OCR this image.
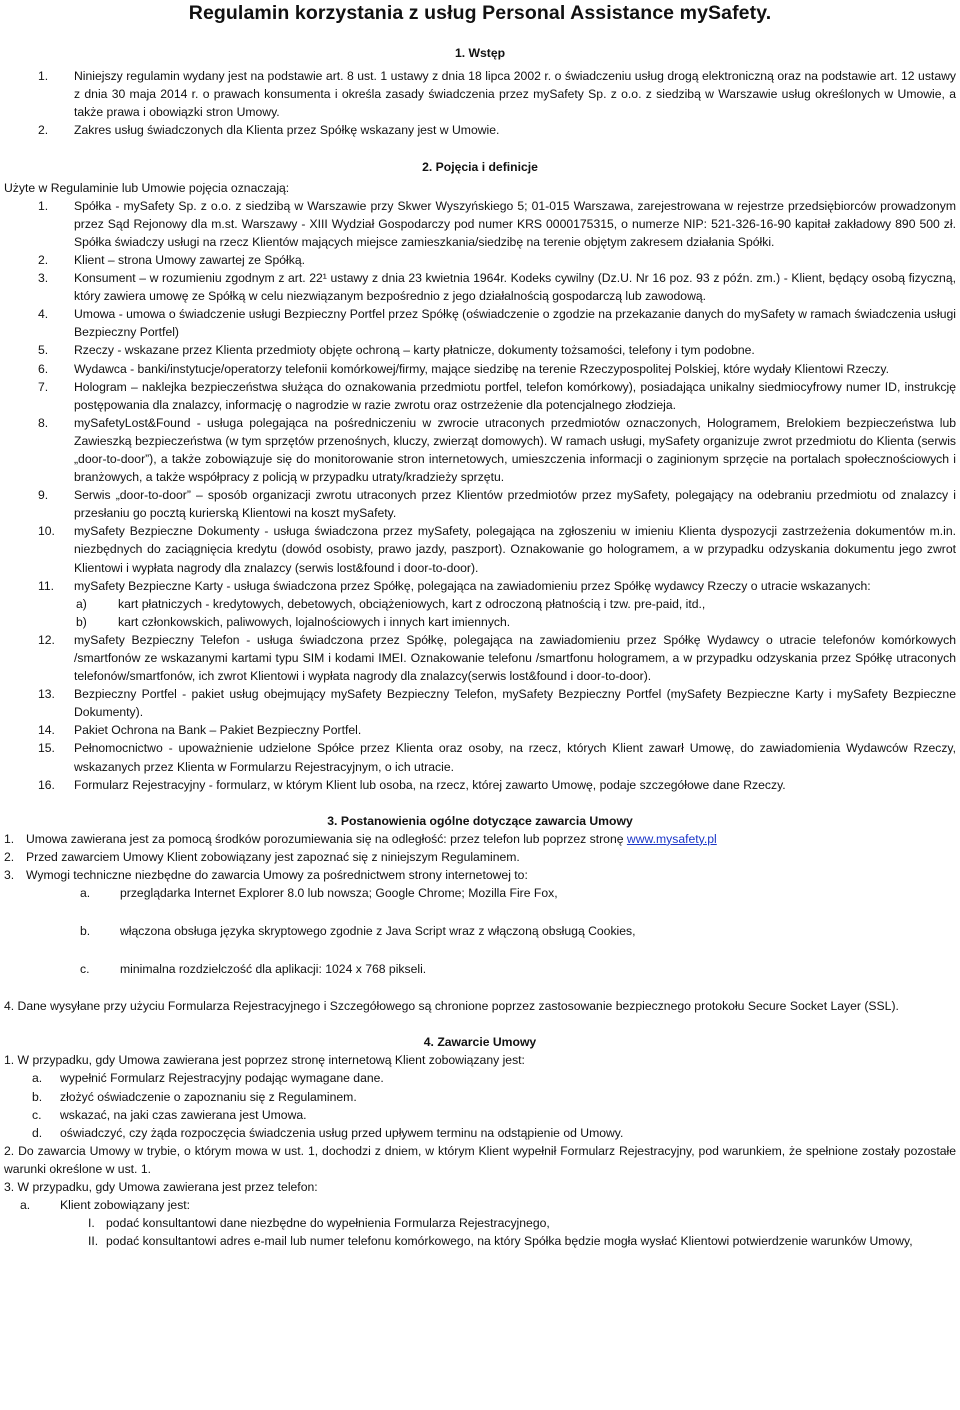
Regulamin korzystania z usług Personal Assistance mySafety.

1. Wstęp

1.	Niniejszy regulamin wydany jest na podstawie art. 8 ust. 1 ustawy z dnia 18 lipca 2002 r. o świadczeniu usług drogą elektroniczną oraz na podstawie art. 12 ustawy z dnia 30 maja 2014 r. o prawach konsumenta i określa zasady świadczenia przez mySafety Sp. z o.o. z siedzibą w Warszawie usług określonych w Umowie, a także prawa i obowiązki stron Umowy.
2.	Zakres usług świadczonych dla Klienta przez Spółkę wskazany jest w Umowie.

2. Pojęcia i definicje

Użyte w Regulaminie lub Umowie pojęcia oznaczają:
1.	Spółka - mySafety Sp. z o.o. z siedzibą w Warszawie przy Skwer Wyszyńskiego 5; 01-015 Warszawa, zarejestrowana w rejestrze przedsiębiorców prowadzonym przez Sąd Rejonowy dla m.st. Warszawy - XIII Wydział Gospodarczy pod numer KRS 0000175315, o numerze NIP: 521-326-16-90 kapitał zakładowy 890 500 zł. Spółka świadczy usługi na rzecz Klientów mających miejsce zamieszkania/siedzibę na terenie objętym zakresem działania Spółki.
2.	Klient – strona Umowy zawartej ze Spółką.
3.	Konsument – w rozumieniu zgodnym z art. 22¹ ustawy z dnia 23 kwietnia 1964r. Kodeks cywilny (Dz.U. Nr 16 poz. 93 z późn. zm.) - Klient, będący osobą fizyczną, który zawiera umowę ze Spółką w celu niezwiązanym bezpośrednio z jego działalnością gospodarczą lub zawodową.
4.	Umowa - umowa o świadczenie usługi Bezpieczny Portfel przez Spółkę (oświadczenie o zgodzie na przekazanie danych do mySafety w ramach świadczenia usługi Bezpieczny Portfel)
5.	Rzeczy - wskazane przez Klienta przedmioty objęte ochroną – karty płatnicze, dokumenty tożsamości, telefony i tym podobne.
6.	Wydawca - banki/instytucje/operatorzy telefonii komórkowej/firmy, mające siedzibę na terenie Rzeczypospolitej Polskiej, które wydały Klientowi Rzeczy.
7.	Hologram – naklejka bezpieczeństwa służąca do oznakowania przedmiotu portfel, telefon komórkowy), posiadająca unikalny siedmiocyfrowy numer ID, instrukcję postępowania dla znalazcy, informację o nagrodzie w razie zwrotu oraz ostrzeżenie dla potencjalnego złodzieja.
8.	mySafetyLost&Found - usługa polegająca na pośredniczeniu w zwrocie utraconych przedmiotów oznaczonych, Hologramem, Brelokiem bezpieczeństwa lub Zawieszką bezpieczeństwa (w tym sprzętów przenośnych, kluczy, zwierząt domowych). W ramach usługi, mySafety organizuje zwrot przedmiotu do Klienta (serwis „door-to-door”), a także zobowiązuje się do monitorowanie stron internetowych, umieszczenia informacji o zaginionym sprzęcie na portalach społecznościowych i branżowych, a także współpracy z policją w przypadku utraty/kradzieży sprzętu.
9.	Serwis „door-to-door” – sposób organizacji zwrotu utraconych przez Klientów przedmiotów przez mySafety, polegający na odebraniu przedmiotu od znalazcy i przesłaniu go pocztą kurierską Klientowi na koszt mySafety.
10.	mySafety Bezpieczne Dokumenty - usługa świadczona przez mySafety, polegająca na zgłoszeniu w imieniu Klienta dyspozycji zastrzeżenia dokumentów m.in. niezbędnych do zaciągnięcia kredytu (dowód osobisty, prawo jazdy, paszport). Oznakowanie go hologramem, a w przypadku odzyskania dokumentu jego zwrot Klientowi i wypłata nagrody dla znalazcy (serwis lost&found i door-to-door).
11.	mySafety Bezpieczne Karty - usługa świadczona przez Spółkę, polegająca na zawiadomieniu przez Spółkę wydawcy Rzeczy o utracie wskazanych:
a)	kart płatniczych - kredytowych, debetowych, obciążeniowych, kart z odroczoną płatnością i tzw. pre-paid, itd.,
b)	kart członkowskich, paliwowych, lojalnościowych i innych kart imiennych.
12.	mySafety Bezpieczny Telefon - usługa świadczona przez Spółkę, polegająca na zawiadomieniu przez Spółkę Wydawcy o utracie telefonów komórkowych /smartfonów ze wskazanymi kartami typu SIM i kodami IMEI. Oznakowanie telefonu /smartfonu hologramem, a w przypadku odzyskania przez Spółkę utraconych telefonów/smartfonów, ich zwrot Klientowi i wypłata nagrody dla znalazcy(serwis lost&found i door-to-door).
13.	Bezpieczny Portfel - pakiet usług obejmujący mySafety Bezpieczny Telefon, mySafety Bezpieczny Portfel (mySafety Bezpieczne Karty i mySafety Bezpieczne Dokumenty).
14.	Pakiet Ochrona na Bank – Pakiet Bezpieczny Portfel.
15.	Pełnomocnictwo - upoważnienie udzielone Spółce przez Klienta oraz osoby, na rzecz, których Klient zawarł Umowę, do zawiadomienia Wydawców Rzeczy, wskazanych przez Klienta w Formularzu Rejestracyjnym, o ich utracie.
16.	Formularz Rejestracyjny - formularz, w którym Klient lub osoba, na rzecz, której zawarto Umowę, podaje szczegółowe dane Rzeczy.

3. Postanowienia ogólne dotyczące zawarcia Umowy

1. Umowa zawierana jest za pomocą środków porozumiewania się na odległość: przez telefon lub poprzez stronę www.mysafety.pl
2. Przed zawarciem Umowy Klient zobowiązany jest zapoznać się z niniejszym Regulaminem.
3. Wymogi techniczne niezbędne do zawarcia Umowy za pośrednictwem strony internetowej to:
a.	przeglądarka Internet Explorer 8.0 lub nowsza; Google Chrome; Mozilla Fire Fox,
b.	włączona obsługa języka skryptowego zgodnie z Java Script wraz z włączoną obsługą Cookies,
c.	minimalna rozdzielczość dla aplikacji: 1024 x 768 pikseli.
4. Dane wysyłane przy użyciu Formularza Rejestracyjnego i Szczegółowego są chronione poprzez zastosowanie bezpiecznego protokołu Secure Socket Layer (SSL).

4. Zawarcie Umowy

1. W przypadku, gdy Umowa zawierana jest poprzez stronę internetową Klient zobowiązany jest:
a.	wypełnić Formularz Rejestracyjny podając wymagane dane.
b.	złożyć oświadczenie o zapoznaniu się z Regulaminem.
c.	wskazać, na jaki czas zawierana jest Umowa.
d.	oświadczyć, czy żąda rozpoczęcia świadczenia usług przed upływem terminu na odstąpienie od Umowy.
2. Do zawarcia Umowy w trybie, o którym mowa w ust. 1, dochodzi z dniem, w którym Klient wypełnił Formularz Rejestracyjny, pod warunkiem, że spełnione zostały pozostałe warunki określone w ust. 1.
3. W przypadku, gdy Umowa zawierana jest przez telefon:
a.	Klient zobowiązany jest:
I. podać konsultantowi dane niezbędne do wypełnienia Formularza Rejestracyjnego,
II. podać konsultantowi adres e-mail lub numer telefonu komórkowego, na który Spółka będzie mogła wysłać Klientowi potwierdzenie warunków Umowy,
